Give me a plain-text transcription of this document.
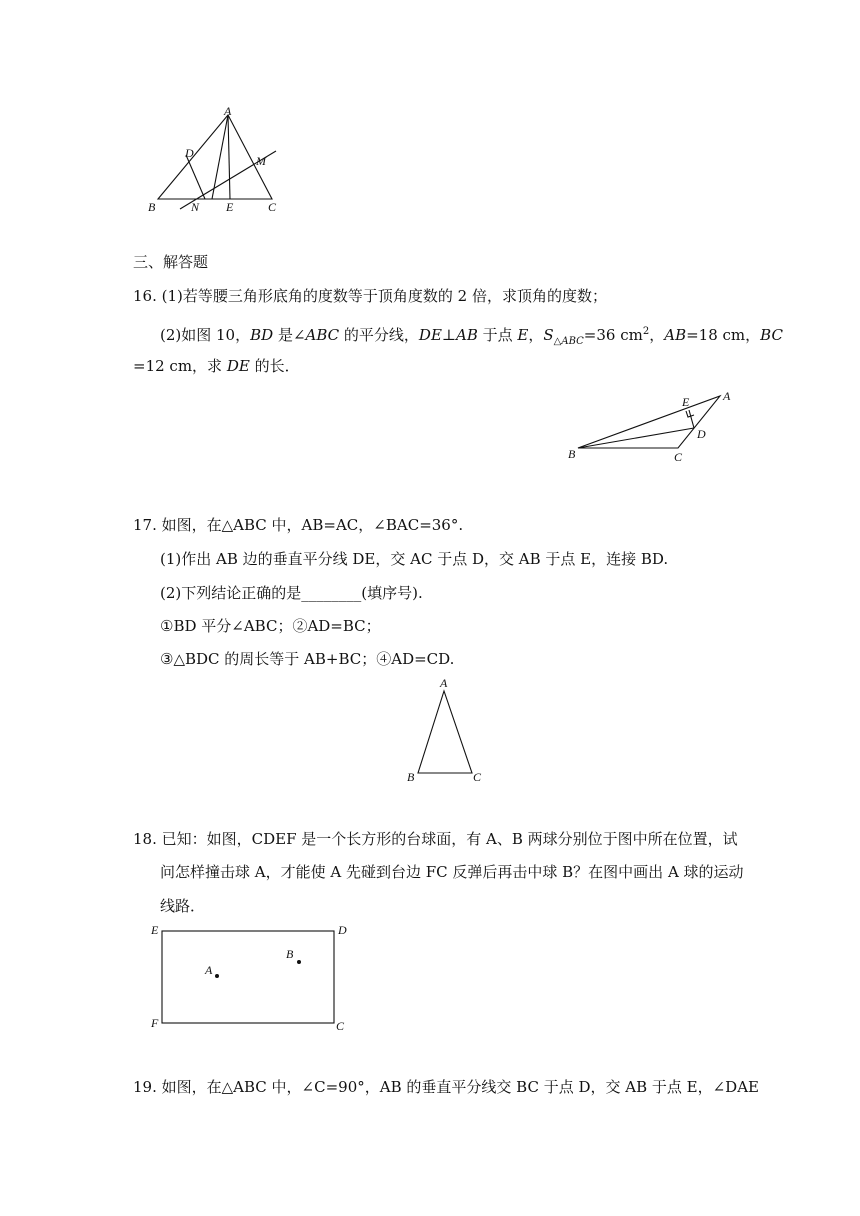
A
D
M
B	N E	C
三、解答题
16. (1)若等腰三角形底角的度数等于顶角度数的 2 倍，求顶角的度数；
(2)如图 10，BD 是∠ABC 的平分线，DE⊥AB 于点 E，$S_{\triangle ABC}=36$ $cm^2$，AB=18 cm，BC
=12 cm，求 DE 的长．
E	A
D
B	C
17. 如图，在△ABC 中，AB=AC，∠BAC=36°.
(1)作出 AB 边的垂直平分线 DE，交 AC 于点 D，交 AB 于点 E，连接 BD.
(2)下列结论正确的是________(填序号).
①BD 平分∠ABC；②AD=BC；
③△BDC 的周长等于 AB+BC；④AD=CD.
A
B	C
18. 已知：如图，CDEF 是一个长方形的台球面，有 A、B 两球分别位于图中所在位置，试
问怎样撞击球 A，才能使 A 先碰到台边 FC 反弹后再击中球 B？在图中画出 A 球的运动
线路．
E	D
F	C
A
B
19. 如图，在△ABC 中，∠C=90°，AB 的垂直平分线交 BC 于点 D，交 AB 于点 E，∠DAE
